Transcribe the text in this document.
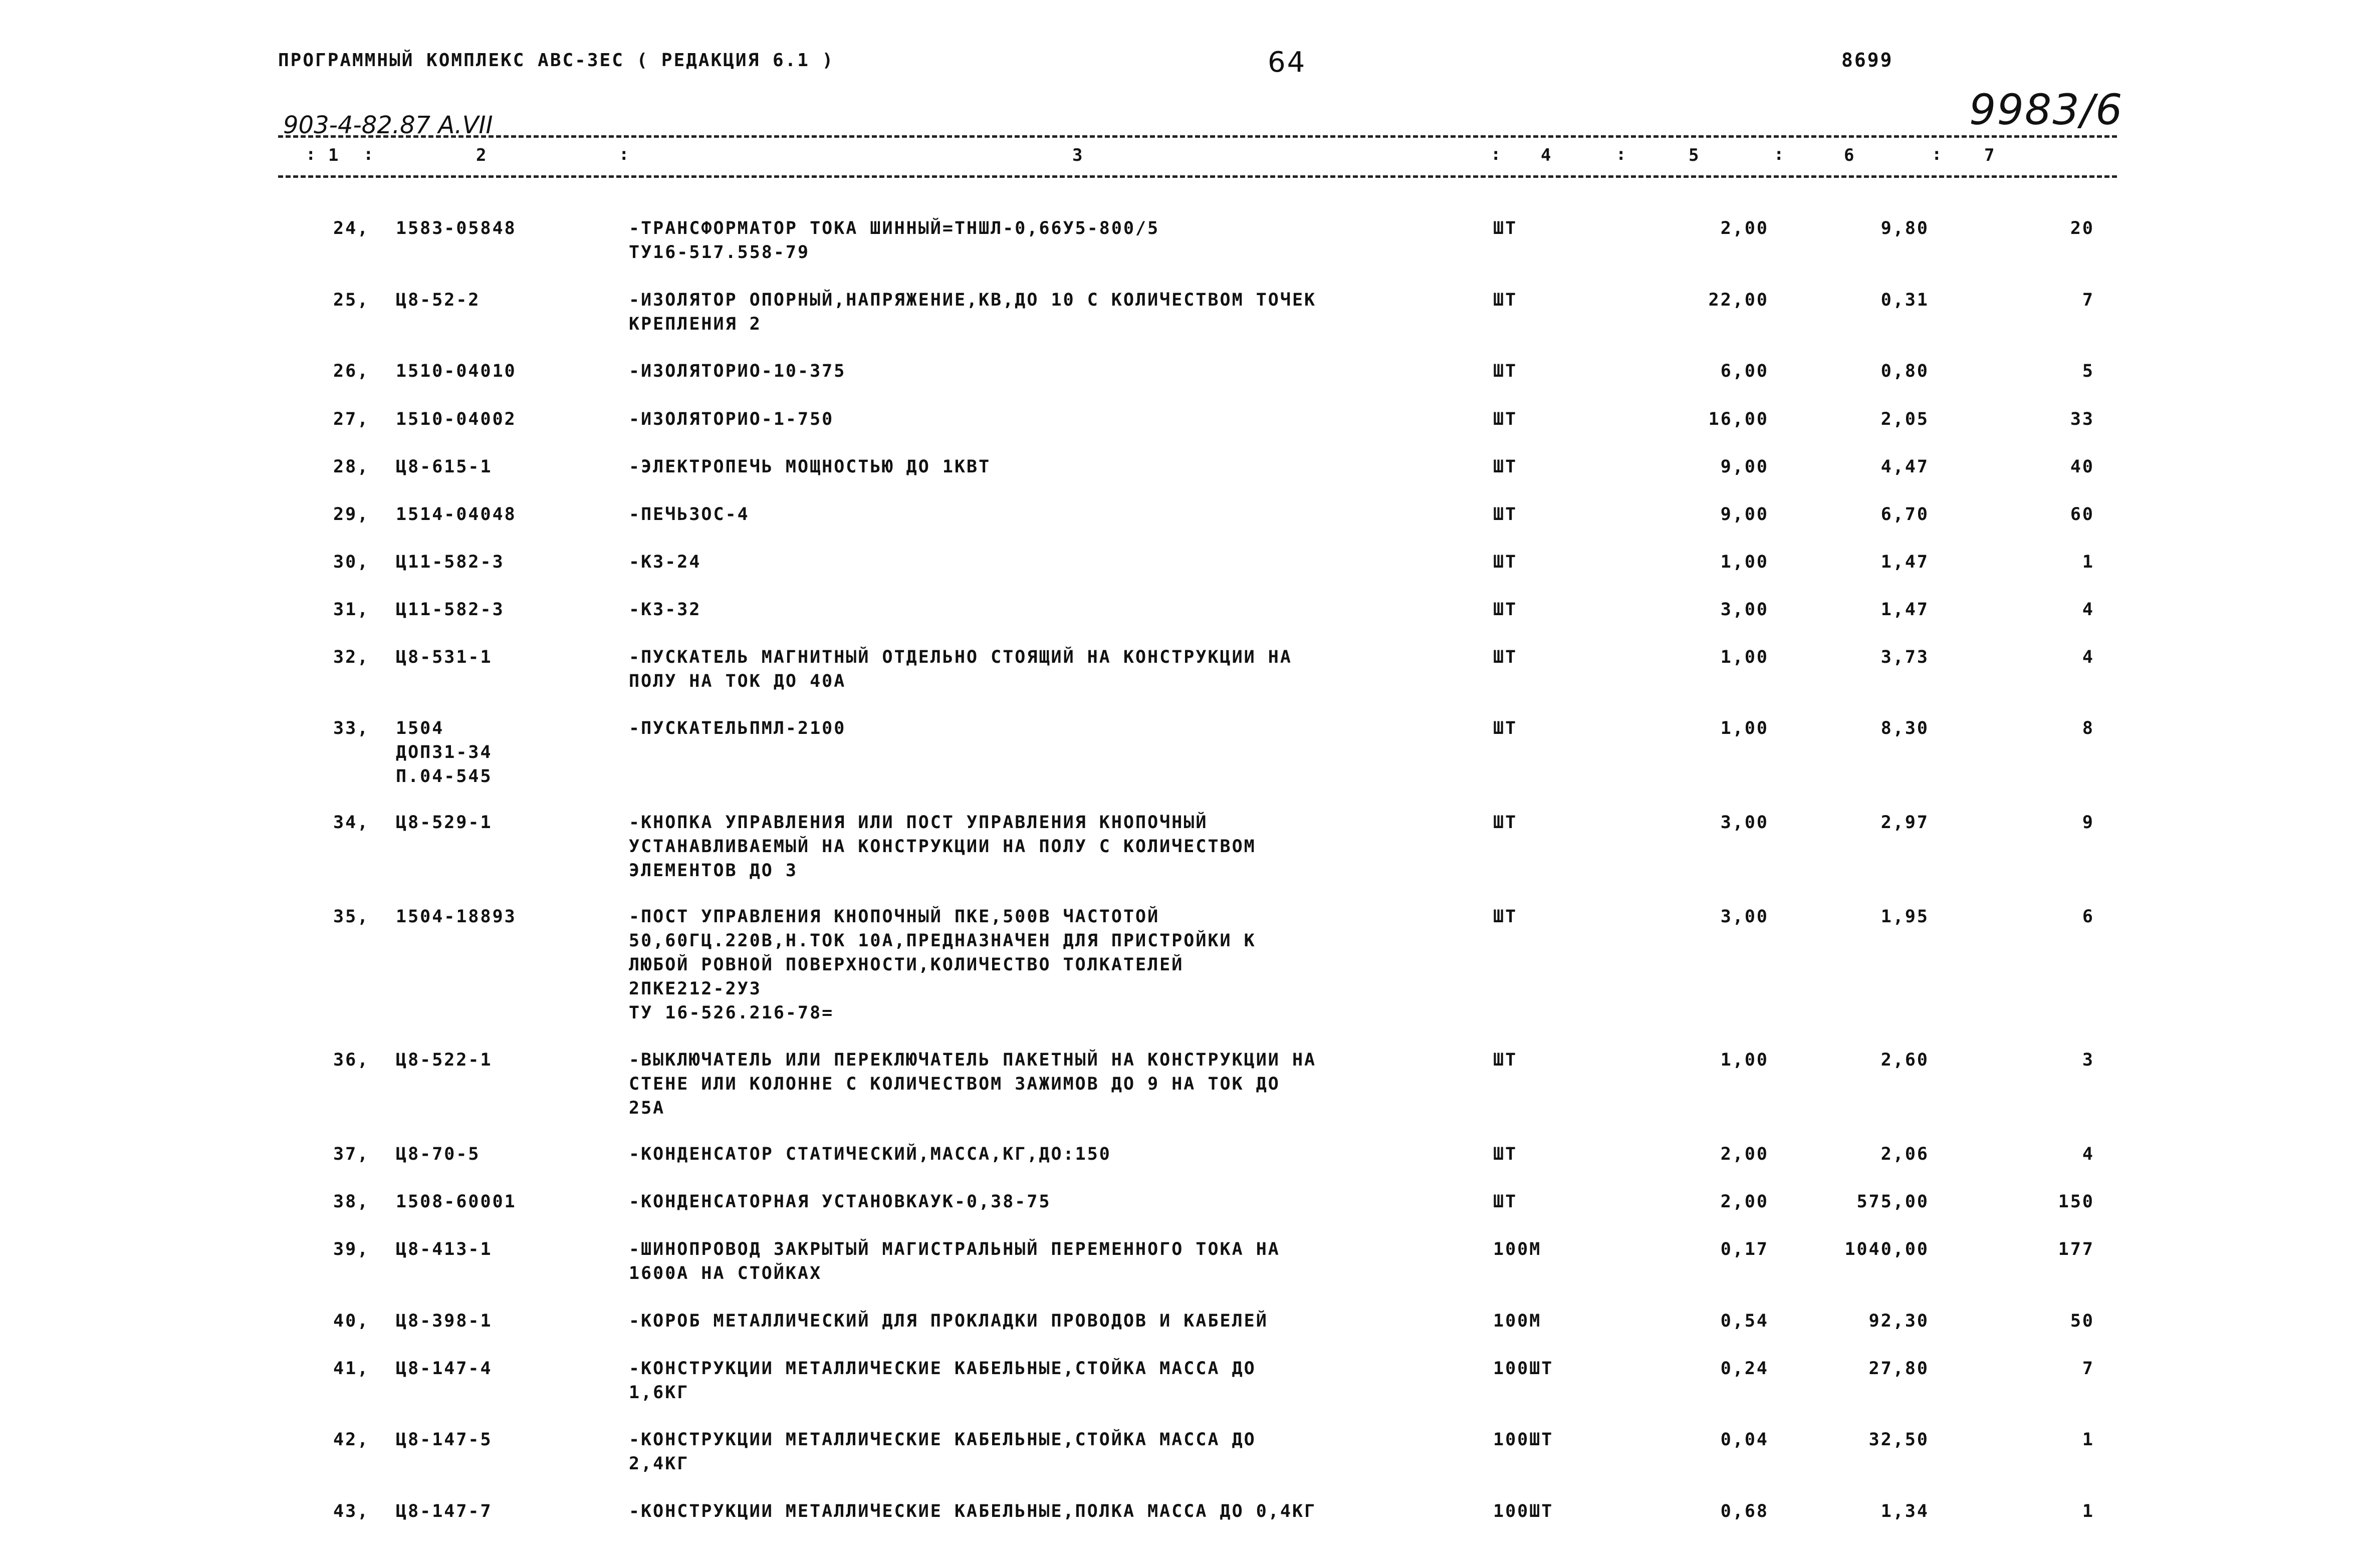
ПРОГРАММНЫЙ КОМПЛЕКС АВС-ЗЕС ( РЕДАКЦИЯ 6.1 )	64	8699
903-4-82.87 А.VII	9983/6
: 1 :	2	:	3	: 4	:	5	:	6	: 7
24, 1583-05848	-ТРАНСФОРМАТОР ТОКА ШИННЫЙ=ТНШЛ-0,66У5-800/5
ТУ16-517.558-79
ШТ	2,00	9,80	20
25, Ц8-52-2	-ИЗОЛЯТОР ОПОРНЫЙ,НАПРЯЖЕНИЕ,КВ,ДО 10 С КОЛИЧЕСТВОМ ТОЧЕК
КРЕПЛЕНИЯ 2
ШТ	22,00	0,31	7
26, 1510-04010	-ИЗОЛЯТОРИО-10-375	ШТ	6,00	0,80	5
27, 1510-04002	-ИЗОЛЯТОРИО-1-750	ШТ	16,00	2,05	33
28, Ц8-615-1	-ЭЛЕКТРОПЕЧЬ МОЩНОСТЬЮ ДО 1КВТ	ШТ	9,00	4,47	40
29, 1514-04048	-ПЕЧЬЗОС-4	ШТ	9,00	6,70	60
30, Ц11-582-3	-КЗ-24	ШТ	1,00	1,47	1
31, Ц11-582-3	-КЗ-32	ШТ	3,00	1,47	4
32, Ц8-531-1	-ПУСКАТЕЛЬ МАГНИТНЫЙ ОТДЕЛЬНО СТОЯЩИЙ НА КОНСТРУКЦИИ НА
ПОЛУ НА ТОК ДО 40А
ШТ	1,00	3,73	4
33, 1504
ДОП31-34
П.04-545
-ПУСКАТЕЛЬПМЛ-2100	ШТ	1,00	8,30	8
34, Ц8-529-1	-КНОПКА УПРАВЛЕНИЯ ИЛИ ПОСТ УПРАВЛЕНИЯ КНОПОЧНЫЙ
УСТАНАВЛИВАЕМЫЙ НА КОНСТРУКЦИИ НА ПОЛУ С КОЛИЧЕСТВОМ
ЭЛЕМЕНТОВ ДО 3
ШТ	3,00	2,97	9
35, 1504-18893	-ПОСТ УПРАВЛЕНИЯ КНОПОЧНЫЙ ПКЕ,500В ЧАСТОТОЙ
50,60ГЦ.220В,Н.ТОК 10А,ПРЕДНАЗНАЧЕН ДЛЯ ПРИСТРОЙКИ К
ЛЮБОЙ РОВНОЙ ПОВЕРХНОСТИ,КОЛИЧЕСТВО ТОЛКАТЕЛЕЙ
2ПКЕ212-2УЗ
ТУ 16-526.216-78=
ШТ	3,00	1,95	6
36, Ц8-522-1	-ВЫКЛЮЧАТЕЛЬ ИЛИ ПЕРЕКЛЮЧАТЕЛЬ ПАКЕТНЫЙ НА КОНСТРУКЦИИ НА
СТЕНЕ ИЛИ КОЛОННЕ С КОЛИЧЕСТВОМ ЗАЖИМОВ ДО 9 НА ТОК ДО
25А
ШТ	1,00	2,60	3
37, Ц8-70-5	-КОНДЕНСАТОР СТАТИЧЕСКИЙ,МАССА,КГ,ДО:150	ШТ	2,00	2,06	4
38, 1508-60001	-КОНДЕНСАТОРНАЯ УСТАНОВКАУК-0,38-75	ШТ	2,00	575,00	150
39, Ц8-413-1	-ШИНОПРОВОД ЗАКРЫТЫЙ МАГИСТРАЛЬНЫЙ ПЕРЕМЕННОГО ТОКА НА
1600А НА СТОЙКАХ
100М	0,17	1040,00	177
40, Ц8-398-1	-КОРОБ МЕТАЛЛИЧЕСКИЙ ДЛЯ ПРОКЛАДКИ ПРОВОДОВ И КАБЕЛЕЙ	100М	0,54	92,30	50
41, Ц8-147-4	-КОНСТРУКЦИИ МЕТАЛЛИЧЕСКИЕ КАБЕЛЬНЫЕ,СТОЙКА МАССА ДО
1,6КГ
100ШТ	0,24	27,80	7
42, Ц8-147-5	-КОНСТРУКЦИИ МЕТАЛЛИЧЕСКИЕ КАБЕЛЬНЫЕ,СТОЙКА МАССА ДО
2,4КГ
100ШТ	0,04	32,50	1
43, Ц8-147-7	-КОНСТРУКЦИИ МЕТАЛЛИЧЕСКИЕ КАБЕЛЬНЫЕ,ПОЛКА МАССА ДО 0,4КГ	100ШТ	0,68	1,34	1
